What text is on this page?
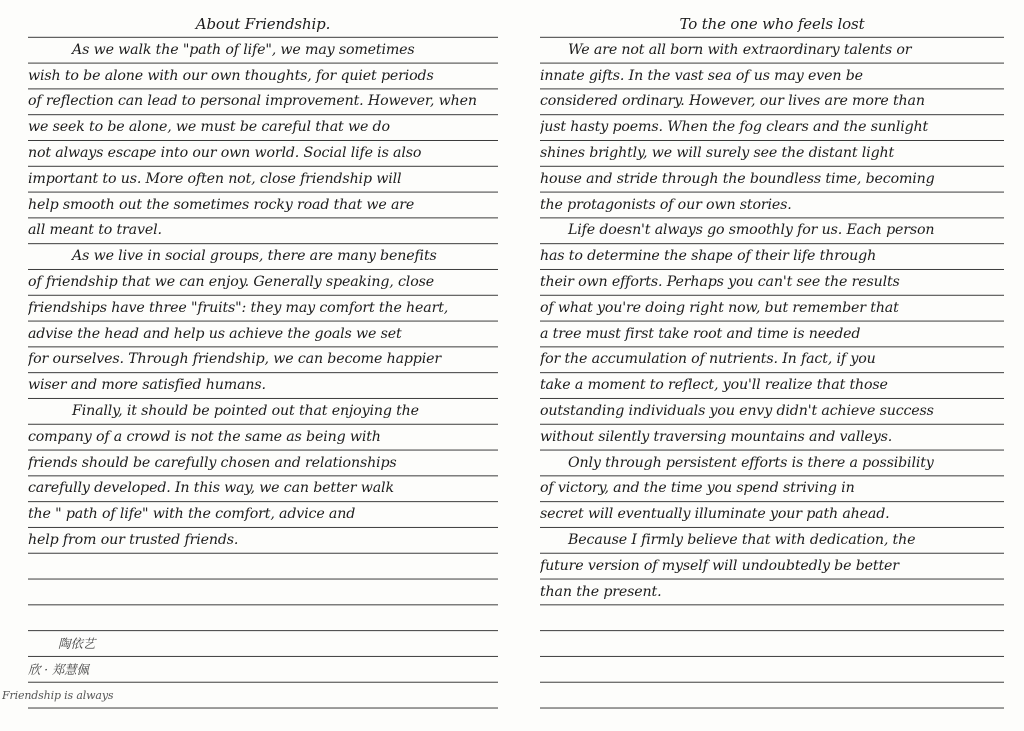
About Friendship.
As we walk the "path of life", we may sometimes
wish to be alone with our own thoughts, for quiet periods
of reflection can lead to personal improvement. However, when
we seek to be alone, we must be careful that we do
not always escape into our own world. Social life is also
important to us. More often not, close friendship will
help smooth out the sometimes rocky road that we are
all meant to travel.
As we live in social groups, there are many benefits
of friendship that we can enjoy. Generally speaking, close
friendships have three "fruits": they may comfort the heart,
advise the head and help us achieve the goals we set
for ourselves. Through friendship, we can become happier
wiser and more satisfied humans.
Finally, it should be pointed out that enjoying the
company of a crowd is not the same as being with
friends should be carefully chosen and relationships
carefully developed. In this way, we can better walk
the " path of life" with the comfort, advice and
help from our trusted friends.
陶依艺
欣 · 郑慧佩
Friendship is always
To the one who feels lost
We are not all born with extraordinary talents or
innate gifts. In the vast sea of us may even be
considered ordinary. However, our lives are more than
just hasty poems. When the fog clears and the sunlight
shines brightly, we will surely see the distant light
house and stride through the boundless time, becoming
the protagonists of our own stories.
Life doesn't always go smoothly for us. Each person
has to determine the shape of their life through
their own efforts. Perhaps you can't see the results
of what you're doing right now, but remember that
a tree must first take root and time is needed
for the accumulation of nutrients. In fact, if you
take a moment to reflect, you'll realize that those
outstanding individuals you envy didn't achieve success
without silently traversing mountains and valleys.
Only through persistent efforts is there a possibility
of victory, and the time you spend striving in
secret will eventually illuminate your path ahead.
Because I firmly believe that with dedication, the
future version of myself will undoubtedly be better
than the present.
